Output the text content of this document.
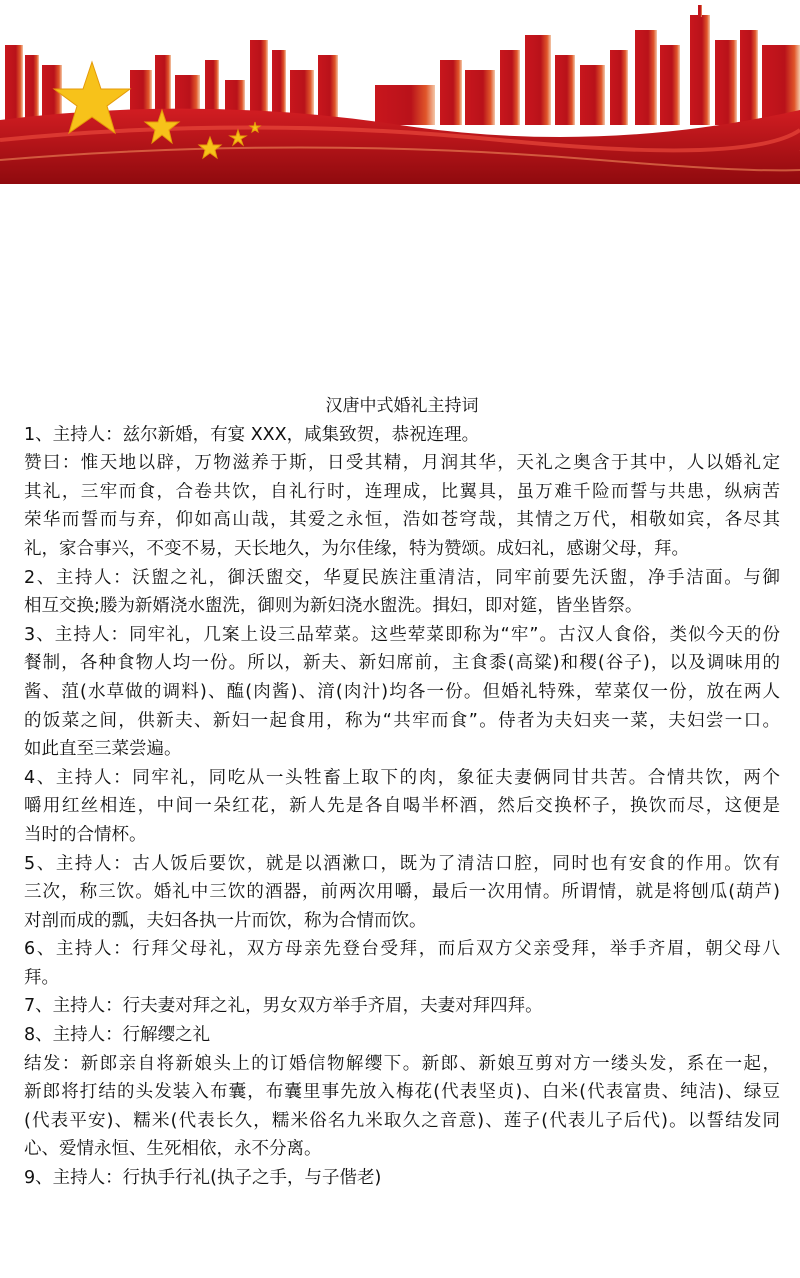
汉唐中式婚礼主持词
1、主持人：兹尔新婚，有宴 XXX，咸集致贺，恭祝连理。
赞曰：惟天地以辟，万物滋养于斯，日受其精，月润其华，天礼之奥含于其中，人以婚礼定
其礼，三牢而食，合卷共饮，自礼行时，连理成，比翼具，虽万难千险而誓与共患，纵病苦
荣华而誓而与弃，仰如高山哉，其爱之永恒，浩如苍穹哉，其情之万代，相敬如宾，各尽其
礼，家合事兴，不变不易，天长地久，为尔佳缘，特为赞颂。成妇礼，感谢父母，拜。
2、主持人：沃盥之礼，御沃盥交，华夏民族注重清洁，同牢前要先沃盥，净手洁面。与御
相互交换;媵为新婿浇水盥洗，御则为新妇浇水盥洗。揖妇，即对筵，皆坐皆祭。
3、主持人：同牢礼，几案上设三品荤菜。这些荤菜即称为“牢”。古汉人食俗，类似今天的份
餐制，各种食物人均一份。所以，新夫、新妇席前，主食黍(高粱)和稷(谷子)，以及调味用的
酱、菹(水草做的调料)、醢(肉酱)、湇(肉汁)均各一份。但婚礼特殊，荤菜仅一份，放在两人
的饭菜之间，供新夫、新妇一起食用，称为“共牢而食”。侍者为夫妇夹一菜，夫妇尝一口。
如此直至三菜尝遍。
4、主持人：同牢礼，同吃从一头牲畜上取下的肉，象征夫妻俩同甘共苦。合情共饮，两个
嚼用红丝相连，中间一朵红花，新人先是各自喝半杯酒，然后交换杯子，换饮而尽，这便是
当时的合情杯。
5、主持人：古人饭后要饮，就是以酒漱口，既为了清洁口腔，同时也有安食的作用。饮有
三次，称三饮。婚礼中三饮的酒器，前两次用嚼，最后一次用情。所谓情，就是将刨瓜(葫芦)
对剖而成的瓢，夫妇各执一片而饮，称为合情而饮。
6、主持人：行拜父母礼，双方母亲先登台受拜，而后双方父亲受拜，举手齐眉，朝父母八
拜。
7、主持人：行夫妻对拜之礼，男女双方举手齐眉，夫妻对拜四拜。
8、主持人：行解缨之礼
结发：新郎亲自将新娘头上的订婚信物解缨下。新郎、新娘互剪对方一缕头发，系在一起，
新郎将打结的头发装入布囊，布囊里事先放入梅花(代表坚贞)、白米(代表富贵、纯洁)、绿豆
(代表平安)、糯米(代表长久，糯米俗名九米取久之音意)、莲子(代表儿子后代)。以誓结发同
心、爱情永恒、生死相依，永不分离。
9、主持人：行执手行礼(执子之手，与子偕老)
